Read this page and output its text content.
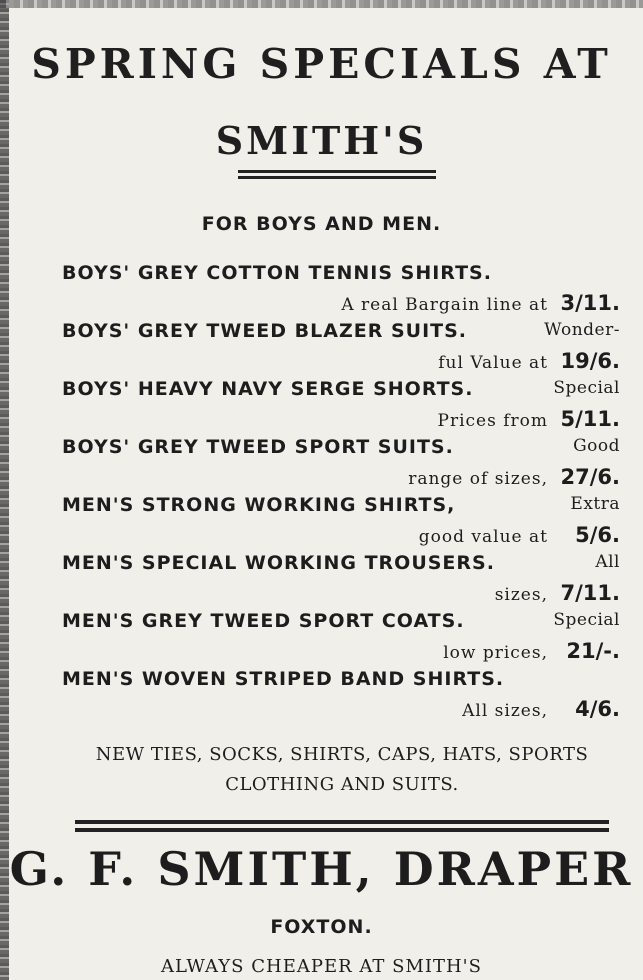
SPRING SPECIALS AT
SMITH'S
FOR BOYS AND MEN.
BOYS' GREY COTTON TENNIS SHIRTS.
A real Bargain line at 3/11.
BOYS' GREY TWEED BLAZER SUITS.	Wonder-
ful Value at 19/6.
BOYS' HEAVY NAVY SERGE SHORTS.	Special
Prices from 5/11.
BOYS' GREY TWEED SPORT SUITS.	Good
range of sizes, 27/6.
MEN'S STRONG WORKING SHIRTS,	Extra
good value at	5/6.
MEN'S SPECIAL WORKING TROUSERS.	All
sizes, 7/11.
MEN'S GREY TWEED SPORT COATS.	Special
low prices, 21/-.
MEN'S WOVEN STRIPED BAND SHIRTS.
All sizes,	4/6.
NEW TIES, SOCKS, SHIRTS, CAPS, HATS, SPORTS CLOTHING AND SUITS.
G. F. SMITH, DRAPER
FOXTON.
ALWAYS CHEAPER AT SMITH'S
